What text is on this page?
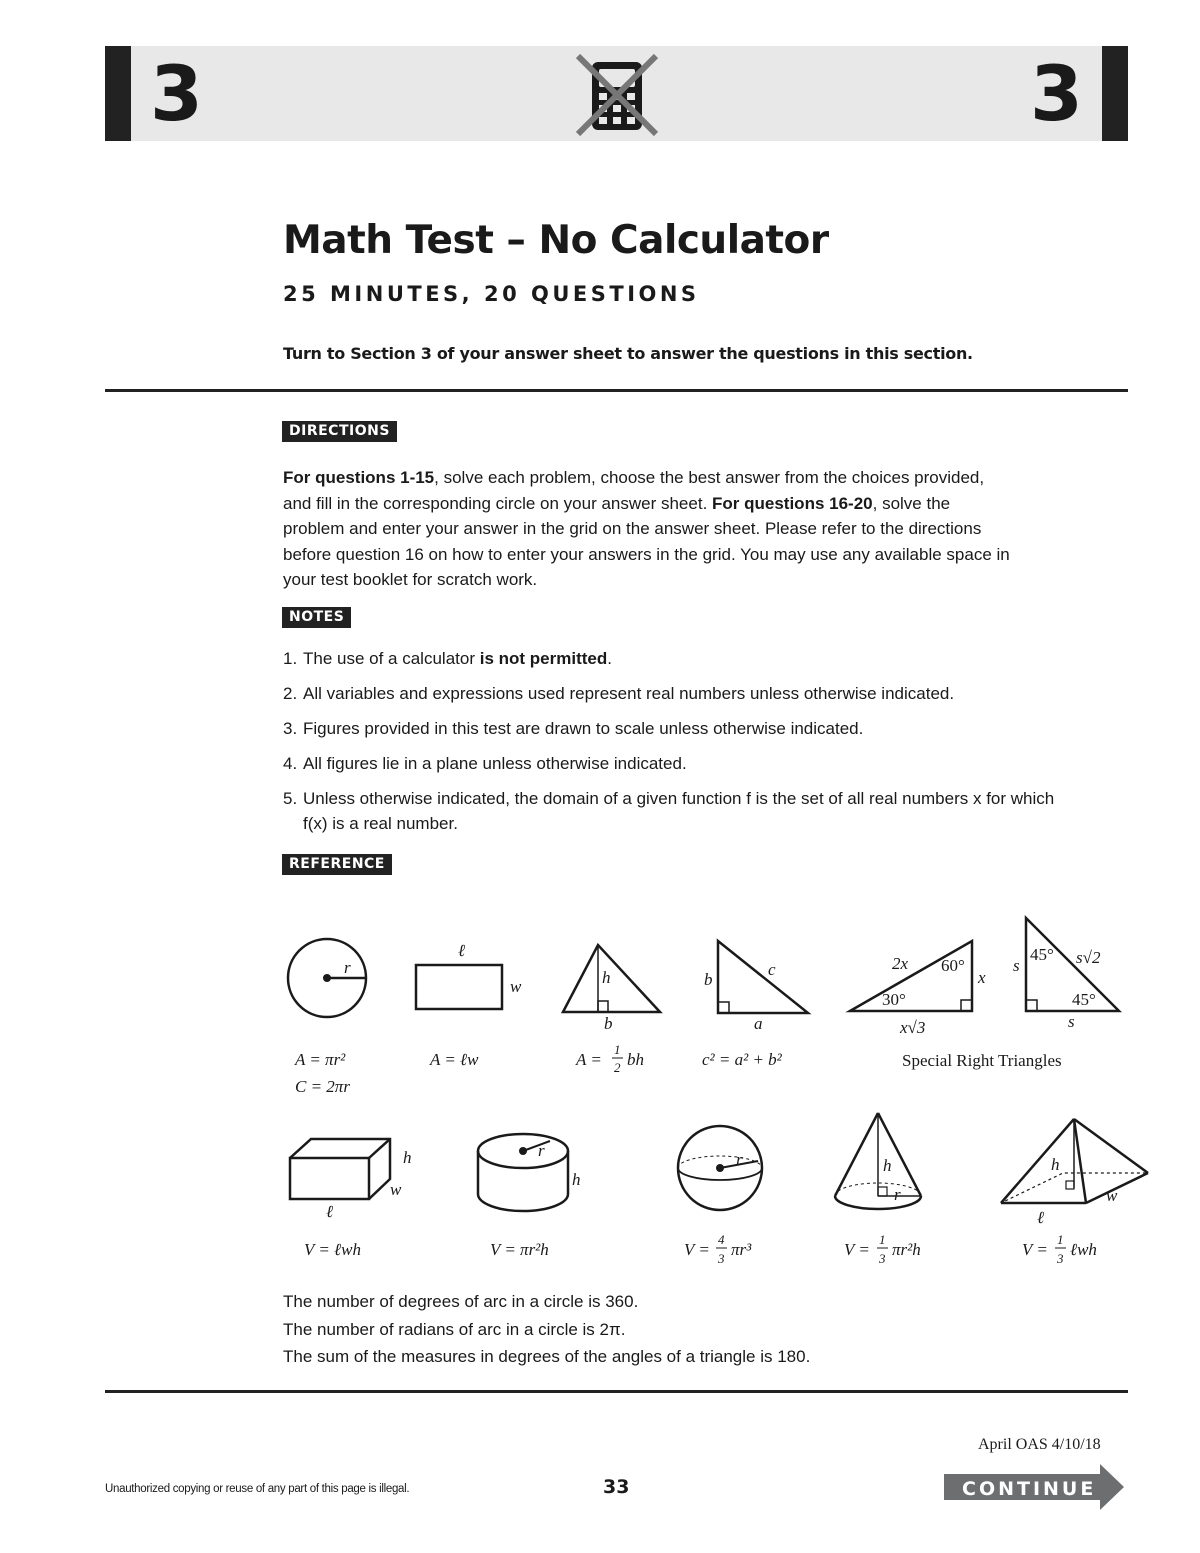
3	3
Math Test – No Calculator
25 MINUTES, 20 QUESTIONS
Turn to Section 3 of your answer sheet to answer the questions in this section.
DIRECTIONS
For questions 1-15, solve each problem, choose the best answer from the choices provided, and fill in the corresponding circle on your answer sheet. For questions 16-20, solve the problem and enter your answer in the grid on the answer sheet. Please refer to the directions before question 16 on how to enter your answers in the grid. You may use any available space in your test booklet for scratch work.
NOTES
1. The use of a calculator is not permitted.
2. All variables and expressions used represent real numbers unless otherwise indicated.
3. Figures provided in this test are drawn to scale unless otherwise indicated.
4. All figures lie in a plane unless otherwise indicated.
5. Unless otherwise indicated, the domain of a given function f is the set of all real numbers x for which f(x) is a real number.
REFERENCE
r
ℓ
w	h
b
b
c
a
2x 60°
x
30°
x√3
s
45° s√2
45°
s
h
w
ℓ
r
h
r	h
r
h
w
ℓ
A = πr²
C = 2πr
A = ℓw	A =
1
2 bh	c² = a² + b²	Special Right Triangles
V = ℓwh	V = πr²h	V =
4
3 πr³	V =
1
3 πr²h	V =
1
3 ℓwh
The number of degrees of arc in a circle is 360.
The number of radians of arc in a circle is 2π.
The sum of the measures in degrees of the angles of a triangle is 180.
April OAS 4/10/18
Unauthorized copying or reuse of any part of this page is illegal.	33	CONTINUE
